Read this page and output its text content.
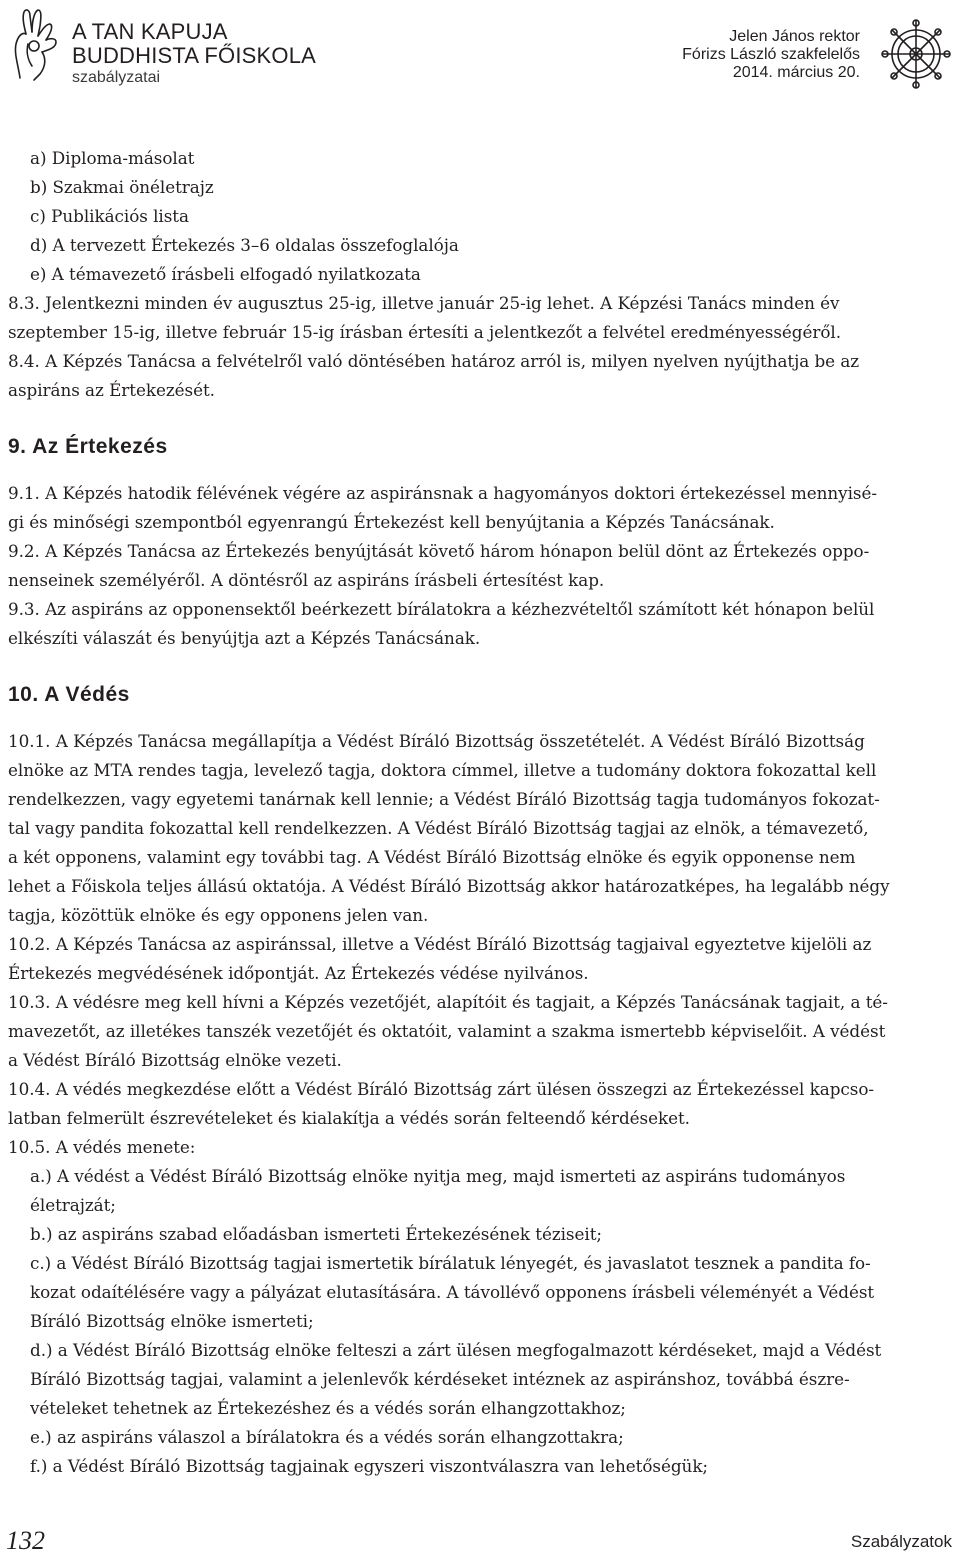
A TAN KAPUJA
BUDDHISTA FŐISKOLA
szabályzatai
Jelen János rektor
Fórizs László szakfelelős
2014. március 20.

a) Diploma-másolat

b) Szakmai önéletrajz

c) Publikációs lista

d) A tervezett Értekezés 3–6 oldalas összefoglalója

e) A témavezető írásbeli elfogadó nyilatkozata

8.3. Jelentkezni minden év augusztus 25-ig, illetve január 25-ig lehet. A Képzési Tanács minden év

szeptember 15-ig, illetve február 15-ig írásban értesíti a jelentkezőt a felvétel eredményességéről.

8.4. A Képzés Tanácsa a felvételről való döntésében határoz arról is, milyen nyelven nyújthatja be az

aspiráns az Értekezését.

9. Az Értekezés

9.1. A Képzés hatodik félévének végére az aspiránsnak a hagyományos doktori értekezéssel mennyisé-

gi és minőségi szempontból egyenrangú Értekezést kell benyújtania a Képzés Tanácsának.

9.2. A Képzés Tanácsa az Értekezés benyújtását követő három hónapon belül dönt az Értekezés oppo-

nenseinek személyéről. A döntésről az aspiráns írásbeli értesítést kap.

9.3. Az aspiráns az opponensektől beérkezett bírálatokra a kézhezvételtől számított két hónapon belül

elkészíti válaszát és benyújtja azt a Képzés Tanácsának.

10. A Védés

10.1. A Képzés Tanácsa megállapítja a Védést Bíráló Bizottság összetételét. A Védést Bíráló Bizottság

elnöke az MTA rendes tagja, levelező tagja, doktora címmel, illetve a tudomány doktora fokozattal kell

rendelkezzen, vagy egyetemi tanárnak kell lennie; a Védést Bíráló Bizottság tagja tudományos fokozat-

tal vagy pandita fokozattal kell rendelkezzen. A Védést Bíráló Bizottság tagjai az elnök, a témavezető,

a két opponens, valamint egy további tag. A Védést Bíráló Bizottság elnöke és egyik opponense nem

lehet a Főiskola teljes állású oktatója. A Védést Bíráló Bizottság akkor határozatképes, ha legalább négy

tagja, közöttük elnöke és egy opponens jelen van.

10.2. A Képzés Tanácsa az aspiránssal, illetve a Védést Bíráló Bizottság tagjaival egyeztetve kijelöli az

Értekezés megvédésének időpontját. Az Értekezés védése nyilvános.

10.3. A védésre meg kell hívni a Képzés vezetőjét, alapítóit és tagjait, a Képzés Tanácsának tagjait, a té-

mavezetőt, az illetékes tanszék vezetőjét és oktatóit, valamint a szakma ismertebb képviselőit. A védést

a Védést Bíráló Bizottság elnöke vezeti.

10.4. A védés megkezdése előtt a Védést Bíráló Bizottság zárt ülésen összegzi az Értekezéssel kapcso-

latban felmerült észrevételeket és kialakítja a védés során felteendő kérdéseket.

10.5. A védés menete:

a.) A védést a Védést Bíráló Bizottság elnöke nyitja meg, majd ismerteti az aspiráns tudományos

életrajzát;

b.) az aspiráns szabad előadásban ismerteti Értekezésének téziseit;

c.) a Védést Bíráló Bizottság tagjai ismertetik bírálatuk lényegét, és javaslatot tesznek a pandita fo-

kozat odaítélésére vagy a pályázat elutasítására. A távollévő opponens írásbeli véleményét a Védést

Bíráló Bizottság elnöke ismerteti;

d.) a Védést Bíráló Bizottság elnöke felteszi a zárt ülésen megfogalmazott kérdéseket, majd a Védést

Bíráló Bizottság tagjai, valamint a jelenlevők kérdéseket intéznek az aspiránshoz, továbbá észre-

vételeket tehetnek az Értekezéshez és a védés során elhangzottakhoz;

e.) az aspiráns válaszol a bírálatokra és a védés során elhangzottakra;

f.) a Védést Bíráló Bizottság tagjainak egyszeri viszontválaszra van lehetőségük;

132	Szabályzatok
